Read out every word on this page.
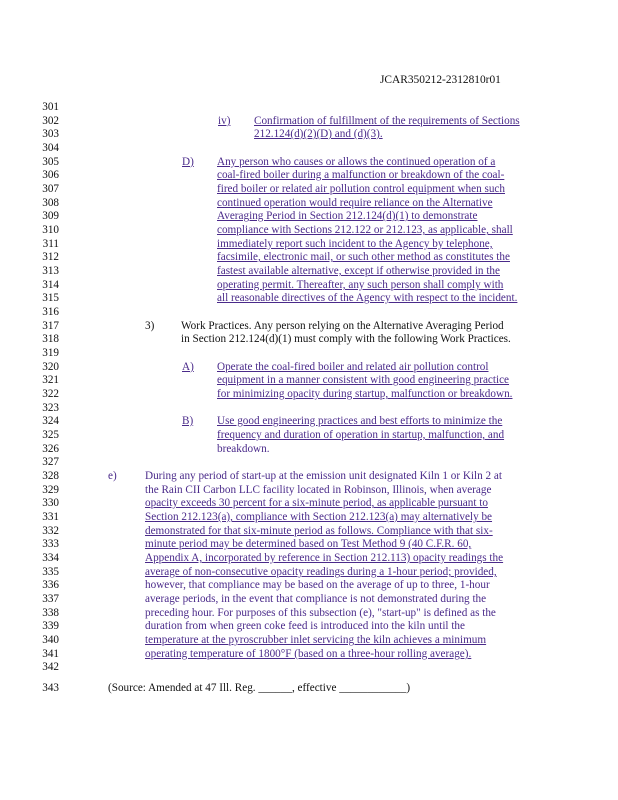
JCAR350212-2312810r01
301
302
303
304
305
306
307
308
309
310
311
312
313
314
315
316
317
318
319
320
321
322
323
324
325
326
327
328
329
330
331
332
333
334
335
336
337
338
339
340
341
342
343
iv) Confirmation of fulfillment of the requirements of Sections
212.124(d)(2)(D) and (d)(3).
D) Any person who causes or allows the continued operation of a
coal-fired boiler during a malfunction or breakdown of the coal-
fired boiler or related air pollution control equipment when such
continued operation would require reliance on the Alternative
Averaging Period in Section 212.124(d)(1) to demonstrate
compliance with Sections 212.122 or 212.123, as applicable, shall
immediately report such incident to the Agency by telephone,
facsimile, electronic mail, or such other method as constitutes the
fastest available alternative, except if otherwise provided in the
operating permit. Thereafter, any such person shall comply with
all reasonable directives of the Agency with respect to the incident.
3) Work Practices. Any person relying on the Alternative Averaging Period
in Section 212.124(d)(1) must comply with the following Work Practices.
A) Operate the coal-fired boiler and related air pollution control
equipment in a manner consistent with good engineering practice
for minimizing opacity during startup, malfunction or breakdown.
B) Use good engineering practices and best efforts to minimize the
frequency and duration of operation in startup, malfunction, and
breakdown.
e)	During any period of start-up at the emission unit designated Kiln 1 or Kiln 2 at
the Rain CII Carbon LLC facility located in Robinson, Illinois, when average
opacity exceeds 30 percent for a six-minute period, as applicable pursuant to
Section 212.123(a), compliance with Section 212.123(a) may alternatively be
demonstrated for that six-minute period as follows. Compliance with that six-
minute period may be determined based on Test Method 9 (40 C.F.R. 60,
Appendix A, incorporated by reference in Section 212.113) opacity readings the
average of non-consecutive opacity readings during a 1-hour period; provided,
however, that compliance may be based on the average of up to three, 1-hour
average periods, in the event that compliance is not demonstrated during the
preceding hour. For purposes of this subsection (e), "start-up" is defined as the
duration from when green coke feed is introduced into the kiln until the
temperature at the pyroscrubber inlet servicing the kiln achieves a minimum
operating temperature of 1800°F (based on a three-hour rolling average).
(Source: Amended at 47 Ill. Reg. ______, effective ____________)
